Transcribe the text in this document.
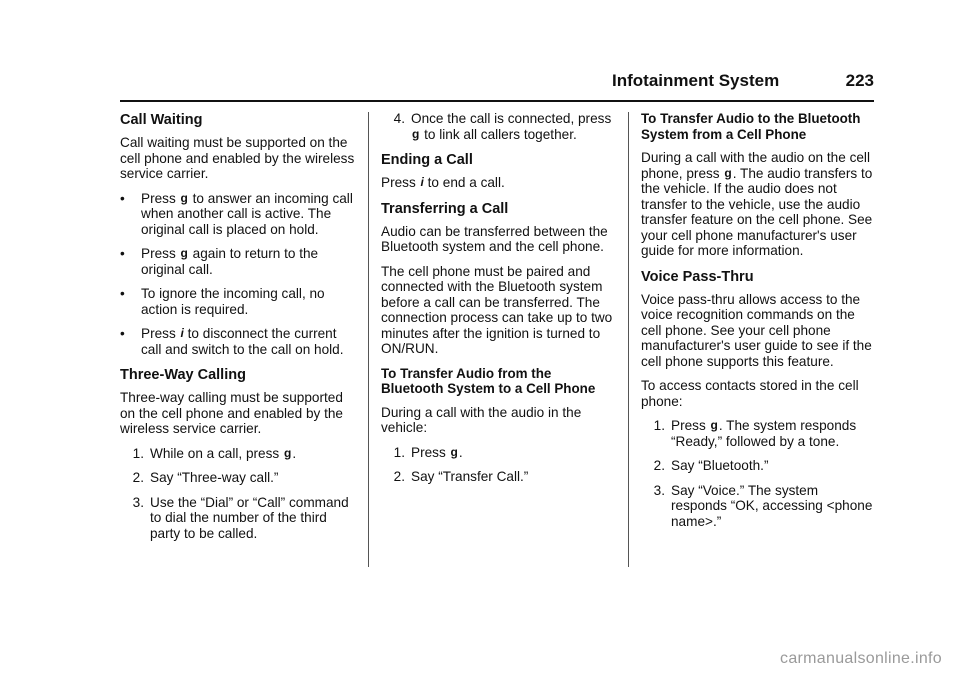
Infotainment System	223
Call Waiting

Call waiting must be supported on the cell phone and enabled by the wireless service carrier.

•	Press g to answer an incoming call when another call is active. The original call is placed on hold.
•	Press g again to return to the original call.
•	To ignore the incoming call, no action is required.
•	Press i to disconnect the current call and switch to the call on hold.
Three-Way Calling

Three-way calling must be supported on the cell phone and enabled by the wireless service carrier.

1. While on a call, press g.
2. Say “Three-way call.”
3. Use the “Dial” or “Call” command to dial the number of the third party to be called.
4. Once the call is connected, press g to link all callers together.
Ending a Call

Press i to end a call.

Transferring a Call

Audio can be transferred between the Bluetooth system and the cell phone.

The cell phone must be paired and connected with the Bluetooth system before a call can be transferred. The connection process can take up to two minutes after the ignition is turned to ON/RUN.

To Transfer Audio from the Bluetooth System to a Cell Phone

During a call with the audio in the vehicle:

1. Press g.
2. Say “Transfer Call.”
To Transfer Audio to the Bluetooth System from a Cell Phone

During a call with the audio on the cell phone, press g. The audio transfers to the vehicle. If the audio does not transfer to the vehicle, use the audio transfer feature on the cell phone. See your cell phone manufacturer's user guide for more information.

Voice Pass-Thru

Voice pass-thru allows access to the voice recognition commands on the cell phone. See your cell phone manufacturer's user guide to see if the cell phone supports this feature.

To access contacts stored in the cell phone:

1. Press g. The system responds “Ready,” followed by a tone.
2. Say “Bluetooth.”
3. Say “Voice.” The system responds “OK, accessing <phone name>.”
carmanualsonline.info
